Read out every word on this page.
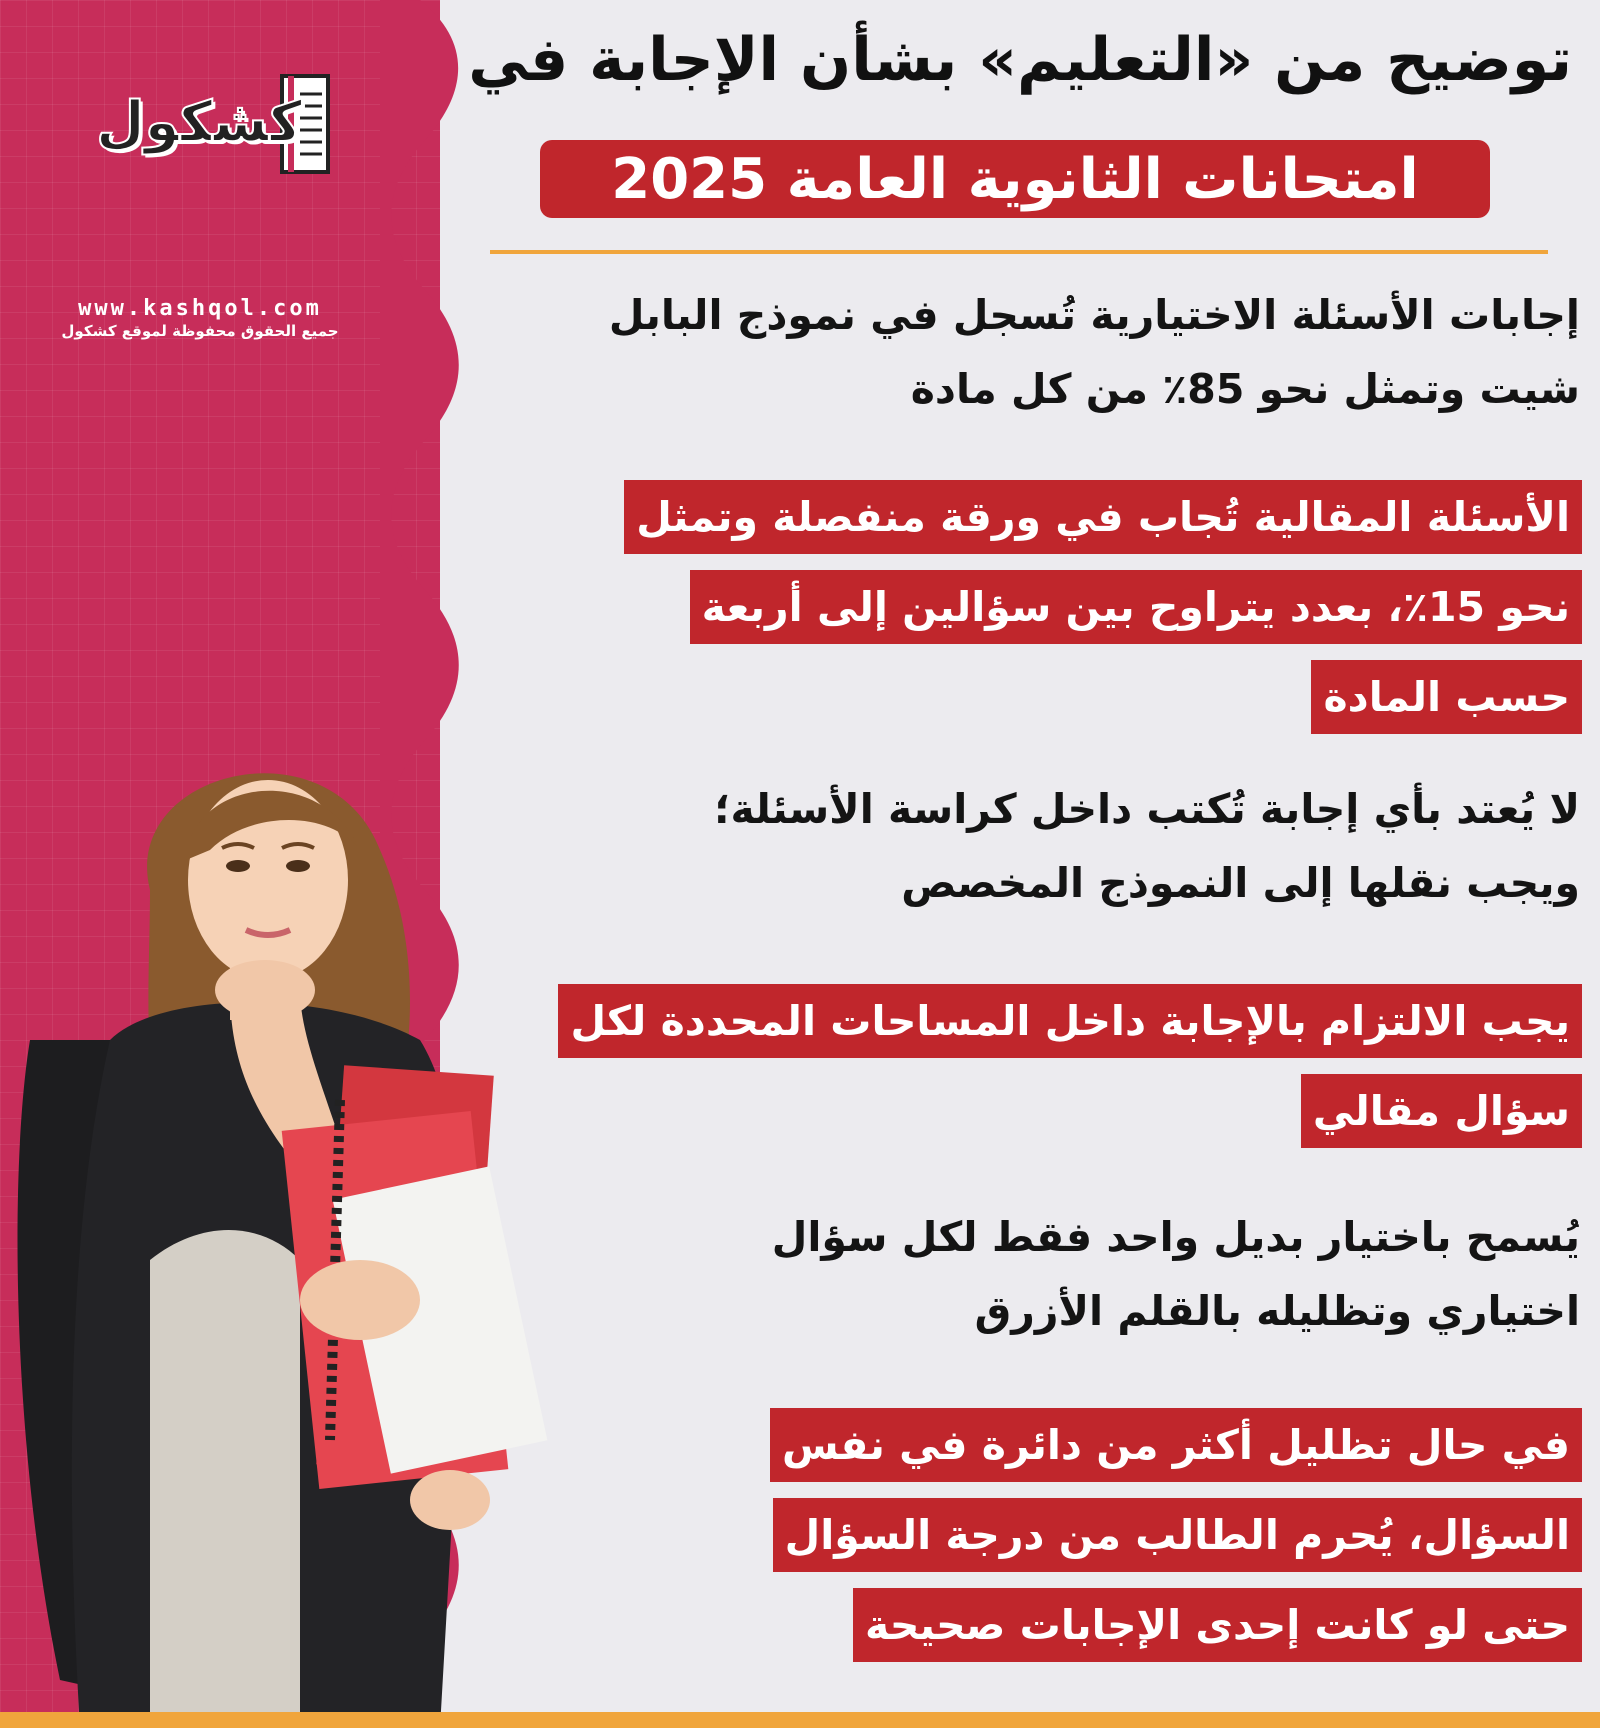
كشكول
www.kashqol.com
جميع الحقوق محفوظة لموقع كشكول
توضيح من «التعليم» بشأن الإجابة في
امتحانات الثانوية العامة 2025
إجابات الأسئلة الاختيارية تُسجل في نموذج البابل
شيت وتمثل نحو 85٪ من كل مادة
الأسئلة المقالية تُجاب في ورقة منفصلة وتمثل
نحو 15٪، بعدد يتراوح بين سؤالين إلى أربعة
حسب المادة
لا يُعتد بأي إجابة تُكتب داخل كراسة الأسئلة؛
ويجب نقلها إلى النموذج المخصص
يجب الالتزام بالإجابة داخل المساحات المحددة لكل
سؤال مقالي
يُسمح باختيار بديل واحد فقط لكل سؤال
اختياري وتظليله بالقلم الأزرق
في حال تظليل أكثر من دائرة في نفس
السؤال، يُحرم الطالب من درجة السؤال
حتى لو كانت إحدى الإجابات صحيحة
